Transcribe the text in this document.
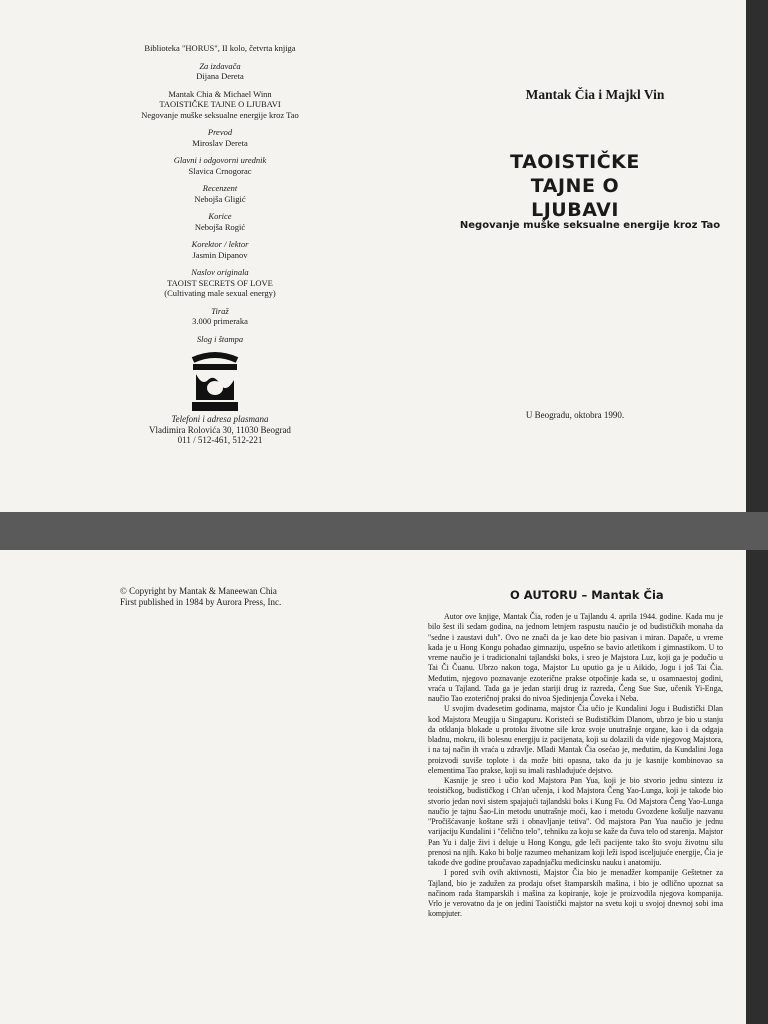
Biblioteka "HORUS", II kolo, četvrta knjiga
Za izdavača
Dijana Dereta
Mantak Chia & Michael Winn
TAOISTIČKE TAJNE O LJUBAVI
Negovanje muške seksualne energije kroz Tao
Prevod
Miroslav Dereta
Glavni i odgovorni urednik
Slavica Crnogorac
Recenzent
Nebojša Gligić
Korice
Nebojša Rogić
Korektor / lektor
Jasmin Dipanov
Naslov originala
TAOIST SECRETS OF LOVE
(Cultivating male sexual energy)
Tiraž
3.000 primeraka
Slog i štampa
Telefoni i adresa plasmana
Vladimira Rolovića 30, 11030 Beograd
011 / 512-461, 512-221
Mantak Čia i Majkl Vin
TAOISTIČKE
TAJNE O LJUBAVI
Negovanje muške seksualne energije kroz Tao
U Beogradu, oktobra 1990.
© Copyright by Mantak & Maneewan Chia
First published in 1984 by Aurora Press, Inc.	O AUTORU – Mantak Čia

Autor ove knjige, Mantak Čia, rođen je u Tajlandu 4. aprila 1944. godine. Kada mu je bilo šest ili sedam godina, na jednom letnjem raspustu naučio je od budističkih monaha da "sedne i zaustavi duh". Ovo ne znači da je kao dete bio pasivan i miran. Dapače, u vreme kada je u Hong Kongu pohađao gimnaziju, uspešno se bavio atletikom i gimnastikom. U to vreme naučio je i tradicionalni tajlandski boks, i sreo je Majstora Luz, koji ga je podučio u Tai Či Čuanu. Ubrzo nakon toga, Majstor Lu uputio ga je u Aikido, Jogu i još Tai Čia. Međutim, njegovo poznavanje ezoterične prakse otpočinje kada se, u osamnaestoj godini, vraća u Tajland. Tada ga je jedan stariji drug iz razreda, Čeng Sue Sue, učenik Yi-Enga, naučio Tao ezoteričnoj praksi do nivoa Sjedinjenja Čoveka i Neba.

U svojim dvadesetim godinama, majstor Čia učio je Kundalini Jogu i Budistički Dlan kod Majstora Meugija u Singapuru. Koristeći se Budističkim Dlanom, ubrzo je bio u stanju da otklanja blokade u protoku životne sile kroz svoje unutrašnje organe, kao i da odgaja bladnu, mokru, ili bolesnu energiju iz pacijenata, koji su dolazili da vide njegovog Majstora, i na taj način ih vraća u zdravlje. Mladi Mantak Čia osećao je, međutim, da Kundalini Joga proizvodi suviše toplote i da može biti opasna, tako da ju je kasnije kombinovao sa elementima Tao prakse, koji su imali rashlađujuće dejstvo.

Kasnije je sreo i učio kod Majstora Pan Yua, koji je bio stvorio jednu sintezu iz teoističkog, budističkog i Ch'an učenja, i kod Majstora Čeng Yao-Lunga, koji je takođe bio stvorio jedan novi sistem spajajući tajlandski boks i Kung Fu. Od Majstora Čeng Yao-Lunga naučio je tajnu Šao-Lin metodu unutrašnje moći, kao i metodu Gvozdene košulje nazvanu "Pročišćavanje koštane srži i obnavljanje tetiva". Od majstora Pan Yua naučio je jednu varijaciju Kundalini i "čelično telo", tehniku za koju se kaže da čuva telo od starenja. Majstor Pan Yu i dalje živi i deluje u Hong Kongu, gde leči pacijente tako što svoju životnu silu prenosi na njih. Kako bi bolje razumeo mehanizam koji leži ispod isceljujuće energije, Čia je takođe dve godine proučavao zapadnjačku medicinsku nauku i anatomiju.

I pored svih ovih aktivnosti, Majstor Čia bio je menadžer kompanije Geštetner za Tajland, bio je zadužen za prodaju ofset štamparskih mašina, i bio je odlično upoznat sa načinom rada štamparskih i mašina za kopiranje, koje je proizvodila njegova kompanija. Vrlo je verovatno da je on jedini Taoistički majstor na svetu koji u svojoj dnevnoj sobi ima kompjuter.
